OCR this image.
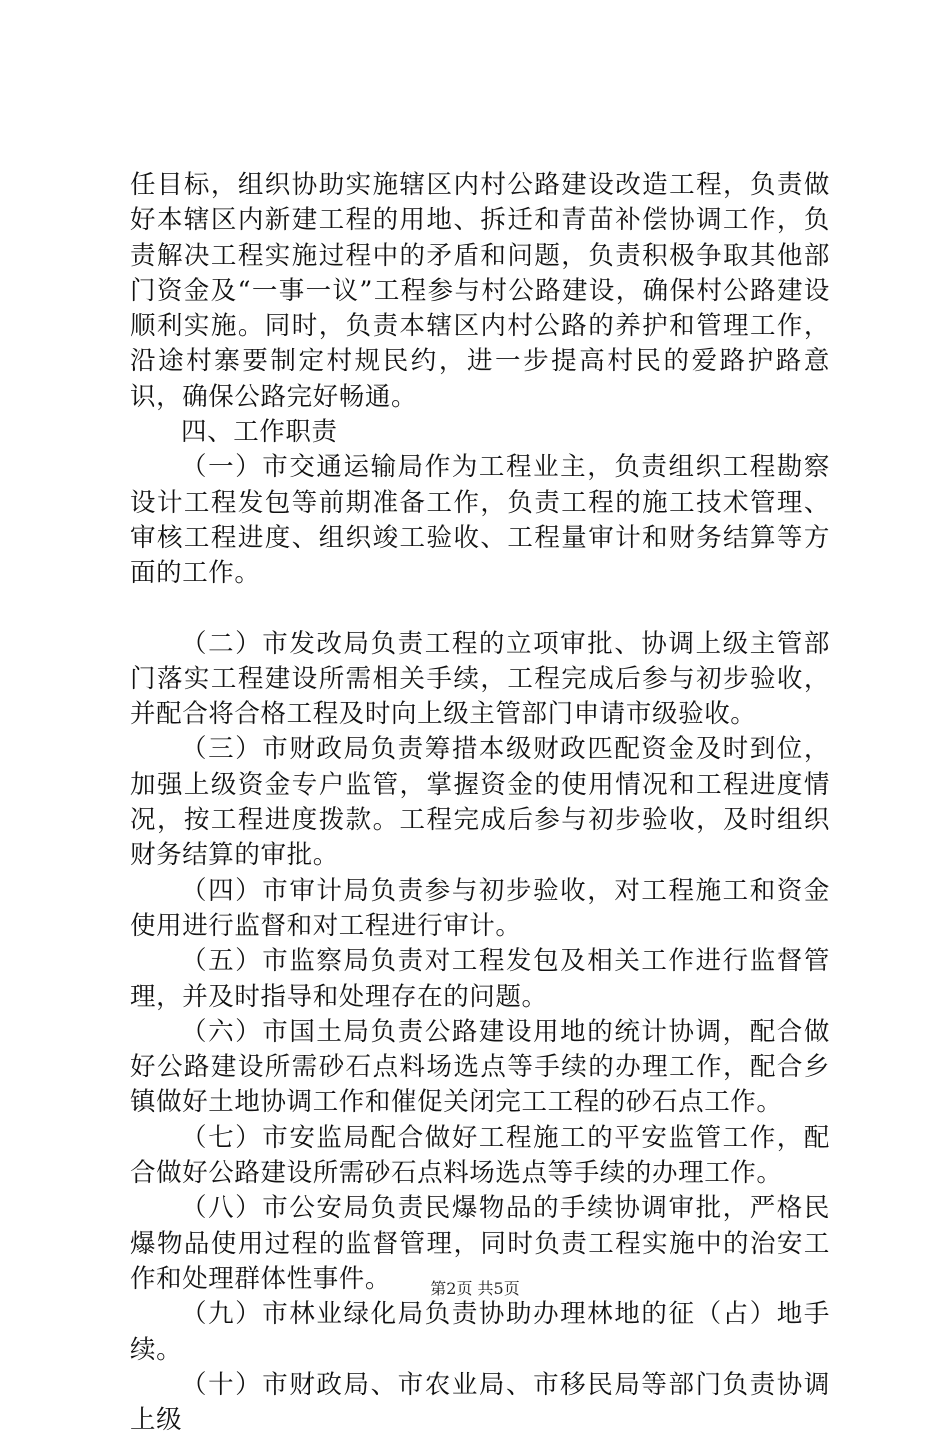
任目标，组织协助实施辖区内村公路建设改造工程，负责做好本辖区内新建工程的用地、拆迁和青苗补偿协调工作，负责解决工程实施过程中的矛盾和问题，负责积极争取其他部门资金及“一事一议”工程参与村公路建设，确保村公路建设顺利实施。同时，负责本辖区内村公路的养护和管理工作，沿途村寨要制定村规民约，进一步提高村民的爱路护路意识，确保公路完好畅通。

四、工作职责

（一）市交通运输局作为工程业主，负责组织工程勘察设计工程发包等前期准备工作，负责工程的施工技术管理、审核工程进度、组织竣工验收、工程量审计和财务结算等方面的工作。

（二）市发改局负责工程的立项审批、协调上级主管部门落实工程建设所需相关手续，工程完成后参与初步验收，并配合将合格工程及时向上级主管部门申请市级验收。

（三）市财政局负责筹措本级财政匹配资金及时到位，加强上级资金专户监管，掌握资金的使用情况和工程进度情况，按工程进度拨款。工程完成后参与初步验收，及时组织财务结算的审批。

（四）市审计局负责参与初步验收，对工程施工和资金使用进行监督和对工程进行审计。

（五）市监察局负责对工程发包及相关工作进行监督管理，并及时指导和处理存在的问题。

（六）市国土局负责公路建设用地的统计协调，配合做好公路建设所需砂石点料场选点等手续的办理工作，配合乡镇做好土地协调工作和催促关闭完工工程的砂石点工作。

（七）市安监局配合做好工程施工的平安监管工作，配合做好公路建设所需砂石点料场选点等手续的办理工作。

（八）市公安局负责民爆物品的手续协调审批，严格民爆物品使用过程的监督管理，同时负责工程实施中的治安工作和处理群体性事件。

（九）市林业绿化局负责协助办理林地的征（占）地手续。

（十）市财政局、市农业局、市移民局等部门负责协调上级

第2页 共5页
